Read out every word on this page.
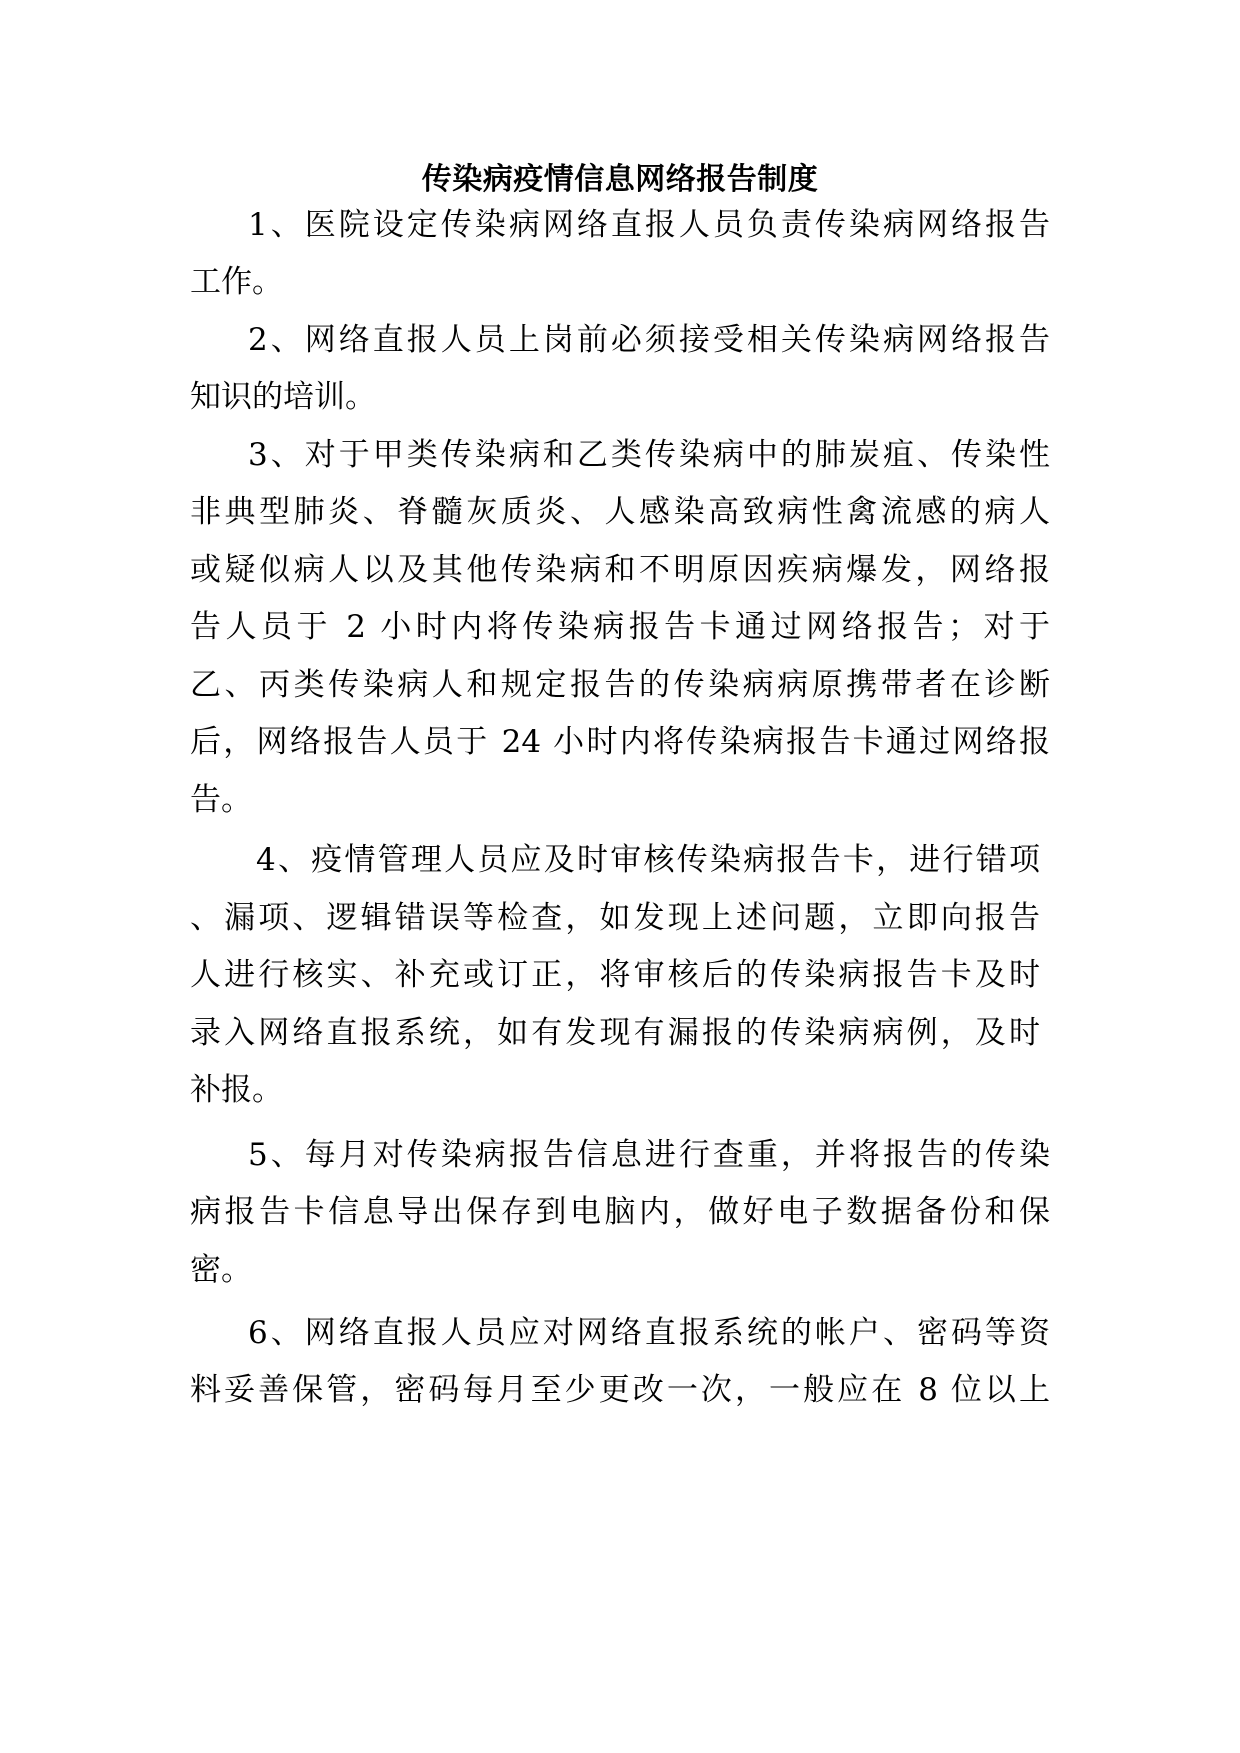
传染病疫情信息网络报告制度

1、医院设定传染病网络直报人员负责传染病网络报告

工作。

2、网络直报人员上岗前必须接受相关传染病网络报告

知识的培训。

3、对于甲类传染病和乙类传染病中的肺炭疽、传染性

非典型肺炎、脊髓灰质炎、人感染高致病性禽流感的病人

或疑似病人以及其他传染病和不明原因疾病爆发，网络报

告人员于 2 小时内将传染病报告卡通过网络报告；对于

乙、丙类传染病人和规定报告的传染病病原携带者在诊断

后，网络报告人员于 24 小时内将传染病报告卡通过网络报

告。

4、疫情管理人员应及时审核传染病报告卡，进行错项

、漏项、逻辑错误等检查，如发现上述问题，立即向报告

人进行核实、补充或订正，将审核后的传染病报告卡及时

录入网络直报系统，如有发现有漏报的传染病病例，及时

补报。

5、每月对传染病报告信息进行查重，并将报告的传染

病报告卡信息导出保存到电脑内，做好电子数据备份和保

密。

6、网络直报人员应对网络直报系统的帐户、密码等资

料妥善保管，密码每月至少更改一次，一般应在 8 位以上
